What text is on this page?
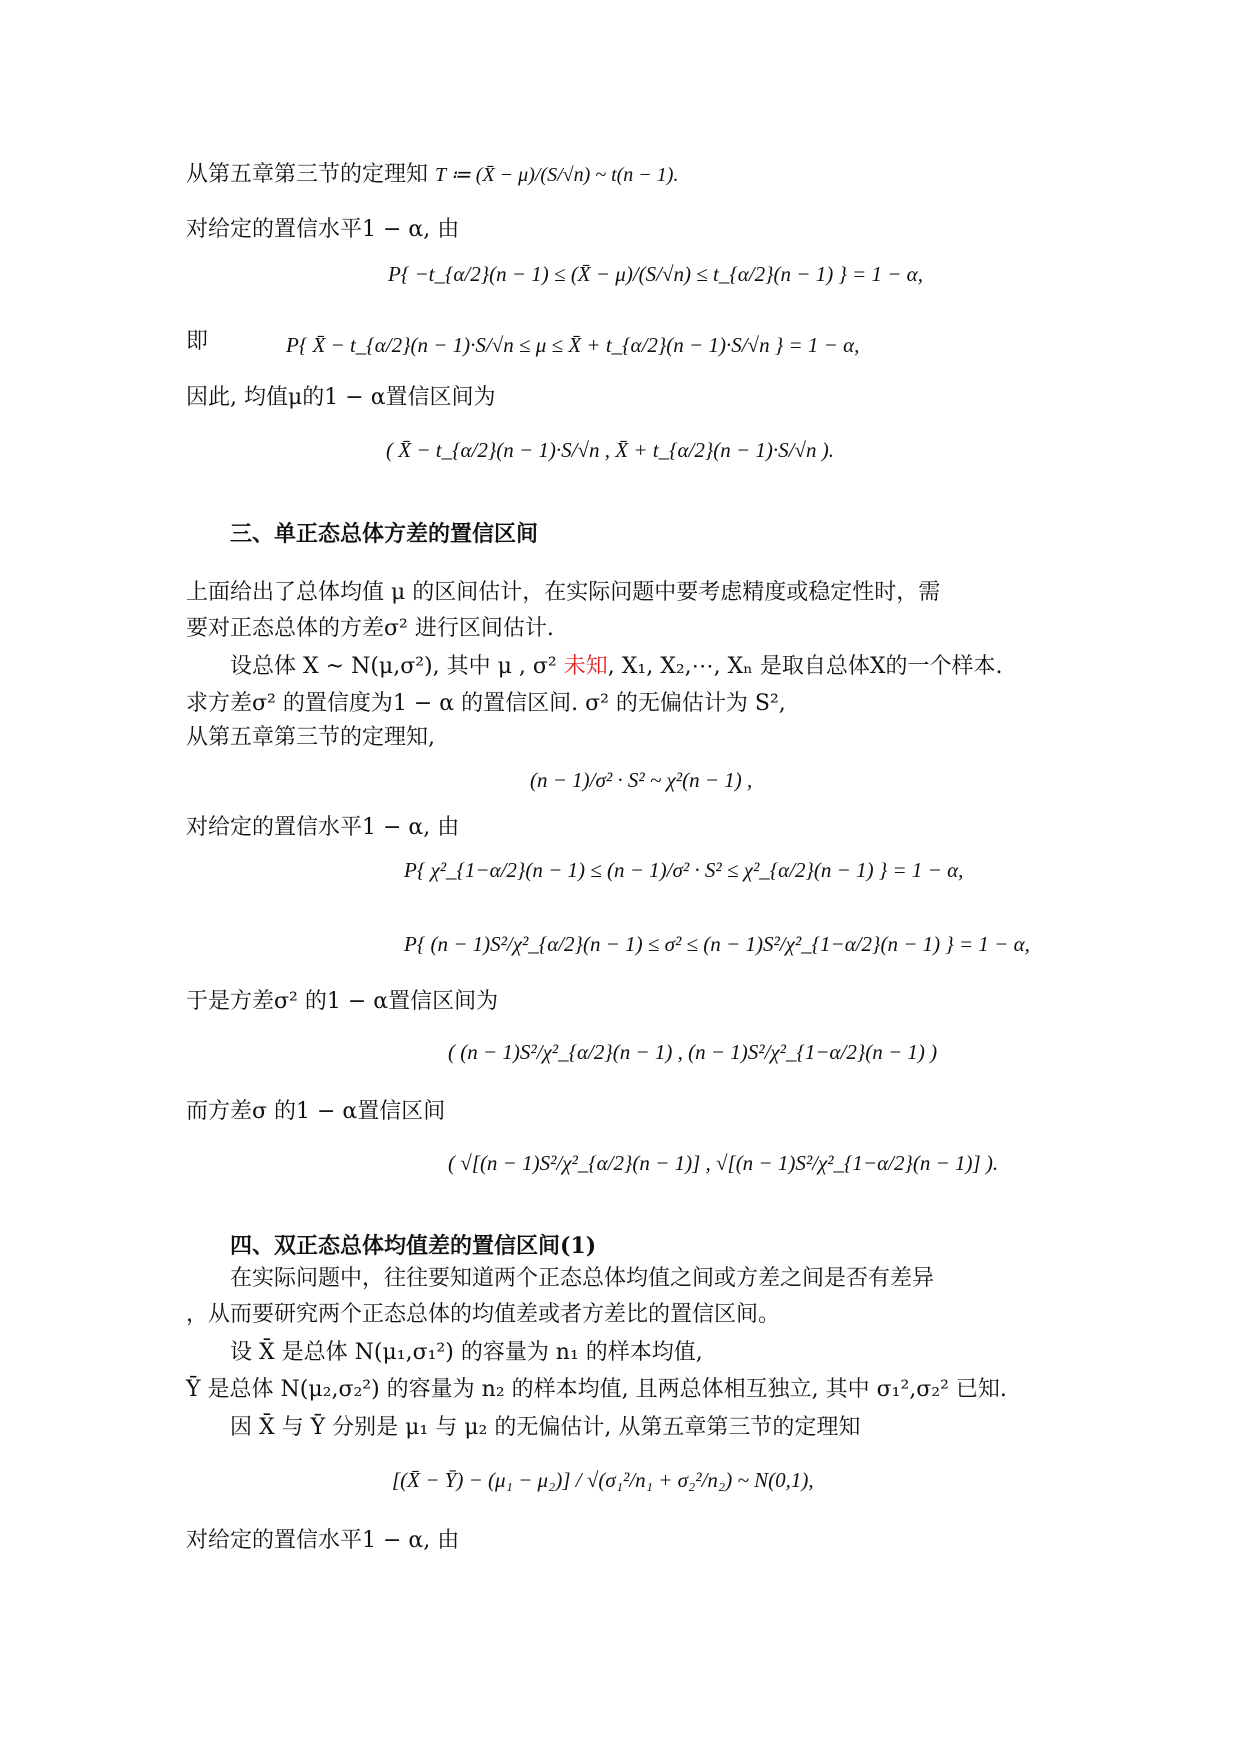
从第五章第三节的定理知 T ≔ (X̄ − μ)/(S/√n) ~ t(n − 1).
对给定的置信水平1 − α, 由
P{ −t_{α/2}(n − 1) ≤ (X̄ − μ)/(S/√n) ≤ t_{α/2}(n − 1) } = 1 − α,
即	P{ X̄ − t_{α/2}(n − 1)·S/√n ≤ μ ≤ X̄ + t_{α/2}(n − 1)·S/√n } = 1 − α,
因此, 均值μ的1 − α置信区间为
( X̄ − t_{α/2}(n − 1)·S/√n , X̄ + t_{α/2}(n − 1)·S/√n ).
三、单正态总体方差的置信区间
上面给出了总体均值 μ 的区间估计，在实际问题中要考虑精度或稳定性时，需
要对正态总体的方差σ² 进行区间估计.
设总体 X ~ N(μ,σ²), 其中 μ , σ² 未知, X₁, X₂,⋯, Xₙ 是取自总体X的一个样本.
求方差σ² 的置信度为1 − α 的置信区间. σ² 的无偏估计为 S²,
从第五章第三节的定理知,
(n − 1)/σ² · S² ~ χ²(n − 1) ,
对给定的置信水平1 − α, 由
P{ χ²_{1−α/2}(n − 1) ≤ (n − 1)/σ² · S² ≤ χ²_{α/2}(n − 1) } = 1 − α,
P{ (n − 1)S²/χ²_{α/2}(n − 1) ≤ σ² ≤ (n − 1)S²/χ²_{1−α/2}(n − 1) } = 1 − α,
于是方差σ² 的1 − α置信区间为
( (n − 1)S²/χ²_{α/2}(n − 1) , (n − 1)S²/χ²_{1−α/2}(n − 1) )
而方差σ 的1 − α置信区间
( √[(n − 1)S²/χ²_{α/2}(n − 1)] , √[(n − 1)S²/χ²_{1−α/2}(n − 1)] ).
四、双正态总体均值差的置信区间(1)
在实际问题中，往往要知道两个正态总体均值之间或方差之间是否有差异
，从而要研究两个正态总体的均值差或者方差比的置信区间。
设 X̄ 是总体 N(μ₁,σ₁²) 的容量为 n₁ 的样本均值,
Ȳ 是总体 N(μ₂,σ₂²) 的容量为 n₂ 的样本均值, 且两总体相互独立, 其中 σ₁²,σ₂² 已知.
因 X̄ 与 Ȳ 分别是 μ₁ 与 μ₂ 的无偏估计, 从第五章第三节的定理知
[(X̄ − Ȳ) − (μ₁ − μ₂)] / √(σ₁²/n₁ + σ₂²/n₂) ~ N(0,1),
对给定的置信水平1 − α, 由
